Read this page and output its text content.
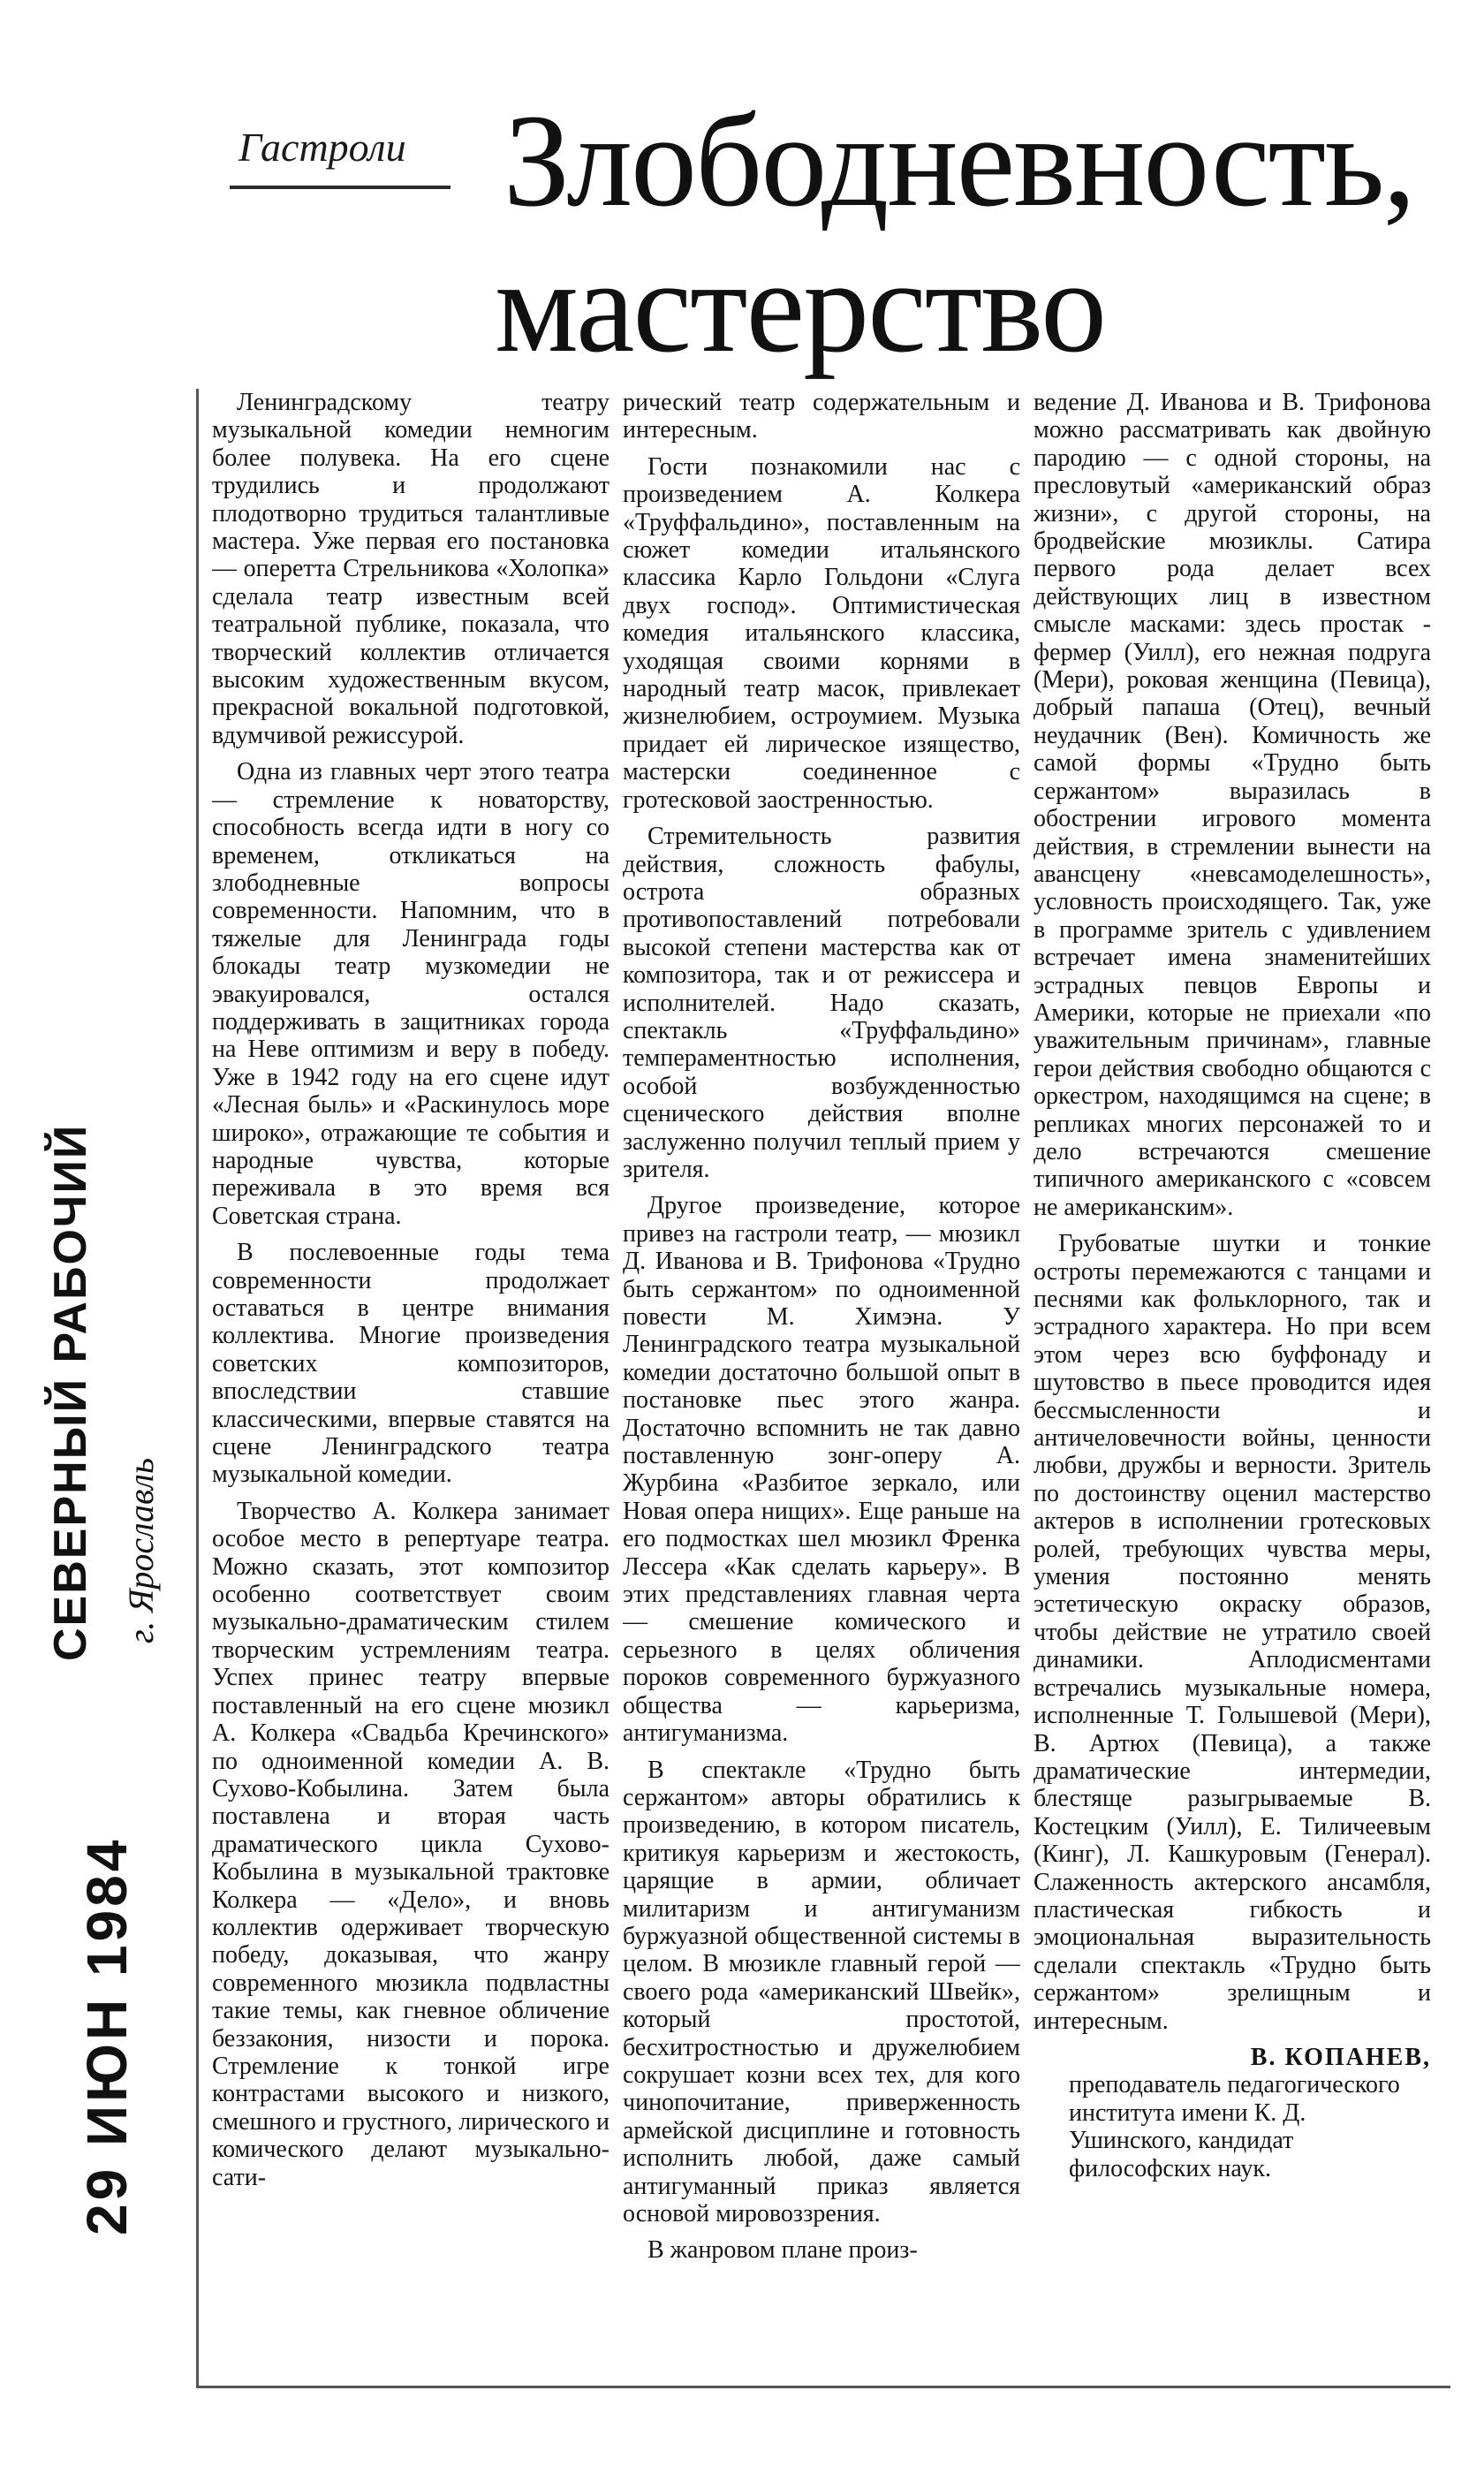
Гастроли Злободневность,
мастерство

Ленинградскому театру музыкальной комедии немногим более полувека. На его сцене трудились и продолжают плодотворно трудиться талантливые мастера. Уже первая его постановка — оперетта Стрельникова «Холопка» сделала театр известным всей театральной публике, показала, что творческий коллектив отличается высоким художественным вкусом, прекрасной вокальной подготовкой, вдумчивой режиссурой.

Одна из главных черт этого театра — стремление к новаторству, способность всегда идти в ногу со временем, откликаться на злободневные вопросы современности. Напомним, что в тяжелые для Ленинграда годы блокады театр музкомедии не эвакуировался, остался поддерживать в защитниках города на Неве оптимизм и веру в победу. Уже в 1942 году на его сцене идут «Лесная быль» и «Раскинулось море широко», отражающие те события и народные чувства, которые переживала в это время вся Советская страна.

В послевоенные годы тема современности продолжает оставаться в центре внимания коллектива. Многие произведения советских композиторов, впоследствии ставшие классическими, впервые ставятся на сцене Ленинградского театра музыкальной комедии.

Творчество А. Колкера занимает особое место в репертуаре театра. Можно сказать, этот композитор особенно соответствует своим музыкально-драматическим стилем творческим устремлениям театра. Успех принес театру впервые поставленный на его сцене мюзикл А. Колкера «Свадьба Кречинского» по одноименной комедии А. В. Сухово-Кобылина. Затем была поставлена и вторая часть драматического цикла Сухово-Кобылина в музыкальной трактовке Колкера — «Дело», и вновь коллектив одерживает творческую победу, доказывая, что жанру современного мюзикла подвластны такие темы, как гневное обличение беззакония, низости и порока. Стремление к тонкой игре контрастами высокого и низкого, смешного и грустного, лирического и комического делают музыкально-сати-

рический театр содержательным и интересным.

Гости познакомили нас с произведением А. Колкера «Труффальдино», поставленным на сюжет комедии итальянского классика Карло Гольдони «Слуга двух господ». Оптимистическая комедия итальянского классика, уходящая своими корнями в народный театр масок, привлекает жизнелюбием, остроумием. Музыка придает ей лирическое изящество, мастерски соединенное с гротесковой заостренностью.

Стремительность развития действия, сложность фабулы, острота образных противопоставлений потребовали высокой степени мастерства как от композитора, так и от режиссера и исполнителей. Надо сказать, спектакль «Труффальдино» темпераментностью исполнения, особой возбужденностью сценического действия вполне заслуженно получил теплый прием у зрителя.

Другое произведение, которое привез на гастроли театр, — мюзикл Д. Иванова и В. Трифонова «Трудно быть сержантом» по одноименной повести М. Химэна. У Ленинградского театра музыкальной комедии достаточно большой опыт в постановке пьес этого жанра. Достаточно вспомнить не так давно поставленную зонг-оперу А. Журбина «Разбитое зеркало, или Новая опера нищих». Еще раньше на его подмостках шел мюзикл Френка Лессера «Как сделать карьеру». В этих представлениях главная черта — смешение комического и серьезного в целях обличения пороков современного буржуазного общества — карьеризма, антигуманизма.

В спектакле «Трудно быть сержантом» авторы обратились к произведению, в котором писатель, критикуя карьеризм и жестокость, царящие в армии, обличает милитаризм и антигуманизм буржуазной общественной системы в целом. В мюзикле главный герой — своего рода «американский Швейк», который простотой, бесхитростностью и дружелюбием сокрушает козни всех тех, для кого чинопочитание, приверженность армейской дисциплине и готовность исполнить любой, даже самый антигуманный приказ является основой мировоззрения.

В жанровом плане произ-

ведение Д. Иванова и В. Трифонова можно рассматривать как двойную пародию — с одной стороны, на пресловутый «американский образ жизни», с другой стороны, на бродвейские мюзиклы. Сатира первого рода делает всех действующих лиц в известном смысле масками: здесь простак - фермер (Уилл), его нежная подруга (Мери), роковая женщина (Певица), добрый папаша (Отец), вечный неудачник (Вен). Комичность же самой формы «Трудно быть сержантом» выразилась в обострении игрового момента действия, в стремлении вынести на авансцену «невсамоделешность», условность происходящего. Так, уже в программе зритель с удивлением встречает имена знаменитейших эстрадных певцов Европы и Америки, которые не приехали «по уважительным причинам», главные герои действия свободно общаются с оркестром, находящимся на сцене; в репликах многих персонажей то и дело встречаются смешение типичного американского с «совсем не американским».

Грубоватые шутки и тонкие остроты перемежаются с танцами и песнями как фольклорного, так и эстрадного характера. Но при всем этом через всю буффонаду и шутовство в пьесе проводится идея бессмысленности и античеловечности войны, ценности любви, дружбы и верности. Зритель по достоинству оценил мастерство актеров в исполнении гротесковых ролей, требующих чувства меры, умения постоянно менять эстетическую окраску образов, чтобы действие не утратило своей динамики. Аплодисментами встречались музыкальные номера, исполненные Т. Голышевой (Мери), В. Артюх (Певица), а также драматические интермедии, блестяще разыгрываемые В. Костецким (Уилл), Е. Тиличеевым (Кинг), Л. Кашкуровым (Генерал). Слаженность актерского ансамбля, пластическая гибкость и эмоциональная выразительность сделали спектакль «Трудно быть сержантом» зрелищным и интересным.

В. КОПАНЕВ,
преподаватель педагогического института имени К. Д. Ушинского, кандидат философских наук.
СЕВЕРНЫЙ РАБОЧИЙ г. Ярославль
29 ИЮН 1984
